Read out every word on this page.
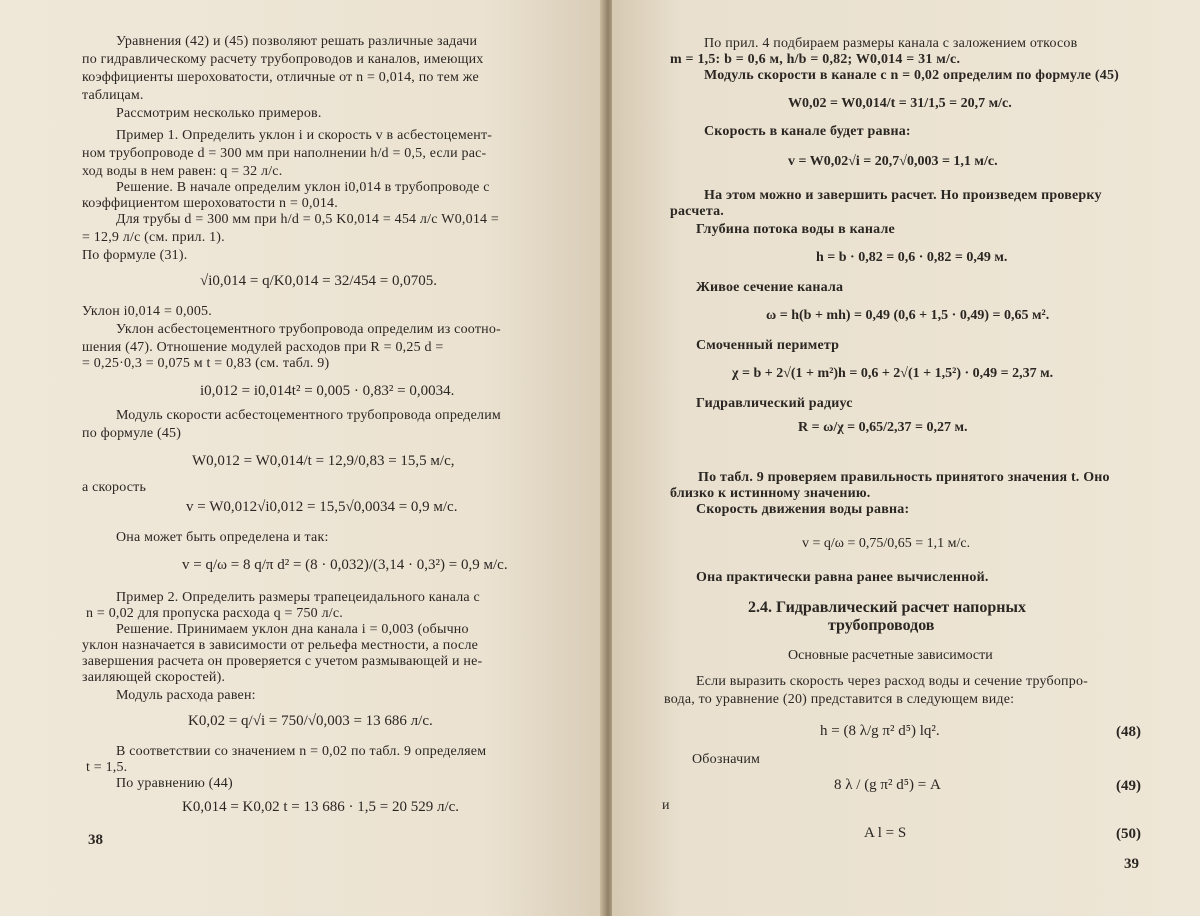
Уравнения (42) и (45) позволяют решать различные задачи
по гидравлическому расчету трубопроводов и каналов, имеющих
коэффициенты шероховатости, отличные от n = 0,014, по тем же
таблицам.
Рассмотрим несколько примеров.
Пример 1. Определить уклон i и скорость v в асбестоцемент-
ном трубопроводе d = 300 мм при наполнении h/d = 0,5, если рас-
ход воды в нем равен: q = 32 л/с.
Решение. В начале определим уклон i0,014 в трубопроводе с
коэффициентом шероховатости n = 0,014.
Для трубы d = 300 мм при h/d = 0,5 K0,014 = 454 л/с W0,014 =
= 12,9 л/с (см. прил. 1).
По формуле (31).
√i0,014 = q/K0,014 = 32/454 = 0,0705.
Уклон i0,014 = 0,005.
Уклон асбестоцементного трубопровода определим из соотно-
шения (47). Отношение модулей расходов при R = 0,25 d =
= 0,25·0,3 = 0,075 м t = 0,83 (см. табл. 9)
i0,012 = i0,014t² = 0,005 · 0,83² = 0,0034.
Модуль скорости асбестоцементного трубопровода определим
по формуле (45)
W0,012 = W0,014/t = 12,9/0,83 = 15,5 м/с,
а скорость
v = W0,012√i0,012 = 15,5√0,0034 = 0,9 м/с.
Она может быть определена и так:
v = q/ω = 8 q/π d² = (8 · 0,032)/(3,14 · 0,3²) = 0,9 м/с.
Пример 2. Определить размеры трапецеидального канала с
n = 0,02 для пропуска расхода q = 750 л/с.
Решение. Принимаем уклон дна канала i = 0,003 (обычно
уклон назначается в зависимости от рельефа местности, а после
завершения расчета он проверяется с учетом размывающей и не-
заиляющей скоростей).
Модуль расхода равен:
K0,02 = q/√i = 750/√0,003 = 13 686 л/с.
В соответствии со значением n = 0,02 по табл. 9 определяем
t = 1,5.
По уравнению (44)
K0,014 = K0,02 t = 13 686 · 1,5 = 20 529 л/с.
38
По прил. 4 подбираем размеры канала с заложением откосов
m = 1,5: b = 0,6 м, h/b = 0,82; W0,014 = 31 м/с.
Модуль скорости в канале с n = 0,02 определим по формуле (45)
W0,02 = W0,014/t = 31/1,5 = 20,7 м/с.
Скорость в канале будет равна:
v = W0,02√i = 20,7√0,003 = 1,1 м/с.
На этом можно и завершить расчет. Но произведем проверку
расчета.
Глубина потока воды в канале
h = b · 0,82 = 0,6 · 0,82 = 0,49 м.
Живое сечение канала
ω = h(b + mh) = 0,49 (0,6 + 1,5 · 0,49) = 0,65 м².
Смоченный периметр
χ = b + 2√(1 + m²)h = 0,6 + 2√(1 + 1,5²) · 0,49 = 2,37 м.
Гидравлический радиус
R = ω/χ = 0,65/2,37 = 0,27 м.
По табл. 9 проверяем правильность принятого значения t. Оно
близко к истинному значению.
Скорость движения воды равна:
v = q/ω = 0,75/0,65 = 1,1 м/с.
Она практически равна ранее вычисленной.
2.4. Гидравлический расчет напорных
трубопроводов
Основные расчетные зависимости
Если выразить скорость через расход воды и сечение трубопро-
вода, то уравнение (20) представится в следующем виде:
h = (8 λ/g π² d⁵) lq².	(48)
Обозначим
8 λ / (g π² d⁵) = A	(49)
и
A l = S	(50)
39
